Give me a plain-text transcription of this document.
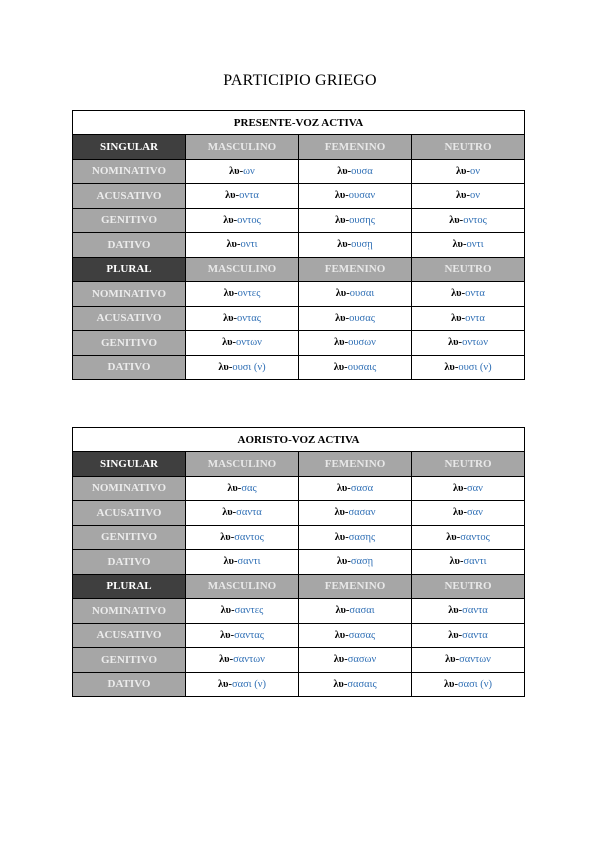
PARTICIPIO GRIEGO
PRESENTE-VOZ ACTIVA			
SINGULAR	MASCULINO	FEMENINO	NEUTRO
NOMINATIVO	λυ-ων	λυ-ουσα	λυ-ον
ACUSATIVO	λυ-οντα	λυ-ουσαν	λυ-ον
GENITIVO	λυ-οντος	λυ-ουσης	λυ-οντος
DATIVO	λυ-οντι	λυ-ουσῃ	λυ-οντι
PLURAL	MASCULINO	FEMENINO	NEUTRO
NOMINATIVO	λυ-οντες	λυ-ουσαι	λυ-οντα
ACUSATIVO	λυ-οντας	λυ-ουσας	λυ-οντα
GENITIVO	λυ-οντων	λυ-ουσων	λυ-οντων
DATIVO	λυ-ουσι (ν)	λυ-ουσαις	λυ-ουσι (ν)
AORISTO-VOZ ACTIVA			
SINGULAR	MASCULINO	FEMENINO	NEUTRO
NOMINATIVO	λυ-σας	λυ-σασα	λυ-σαν
ACUSATIVO	λυ-σαντα	λυ-σασαν	λυ-σαν
GENITIVO	λυ-σαντος	λυ-σασης	λυ-σαντος
DATIVO	λυ-σαντι	λυ-σασῃ	λυ-σαντι
PLURAL	MASCULINO	FEMENINO	NEUTRO
NOMINATIVO	λυ-σαντες	λυ-σασαι	λυ-σαντα
ACUSATIVO	λυ-σαντας	λυ-σασας	λυ-σαντα
GENITIVO	λυ-σαντων	λυ-σασων	λυ-σαντων
DATIVO	λυ-σασι (ν)	λυ-σασαις	λυ-σασι (ν)
